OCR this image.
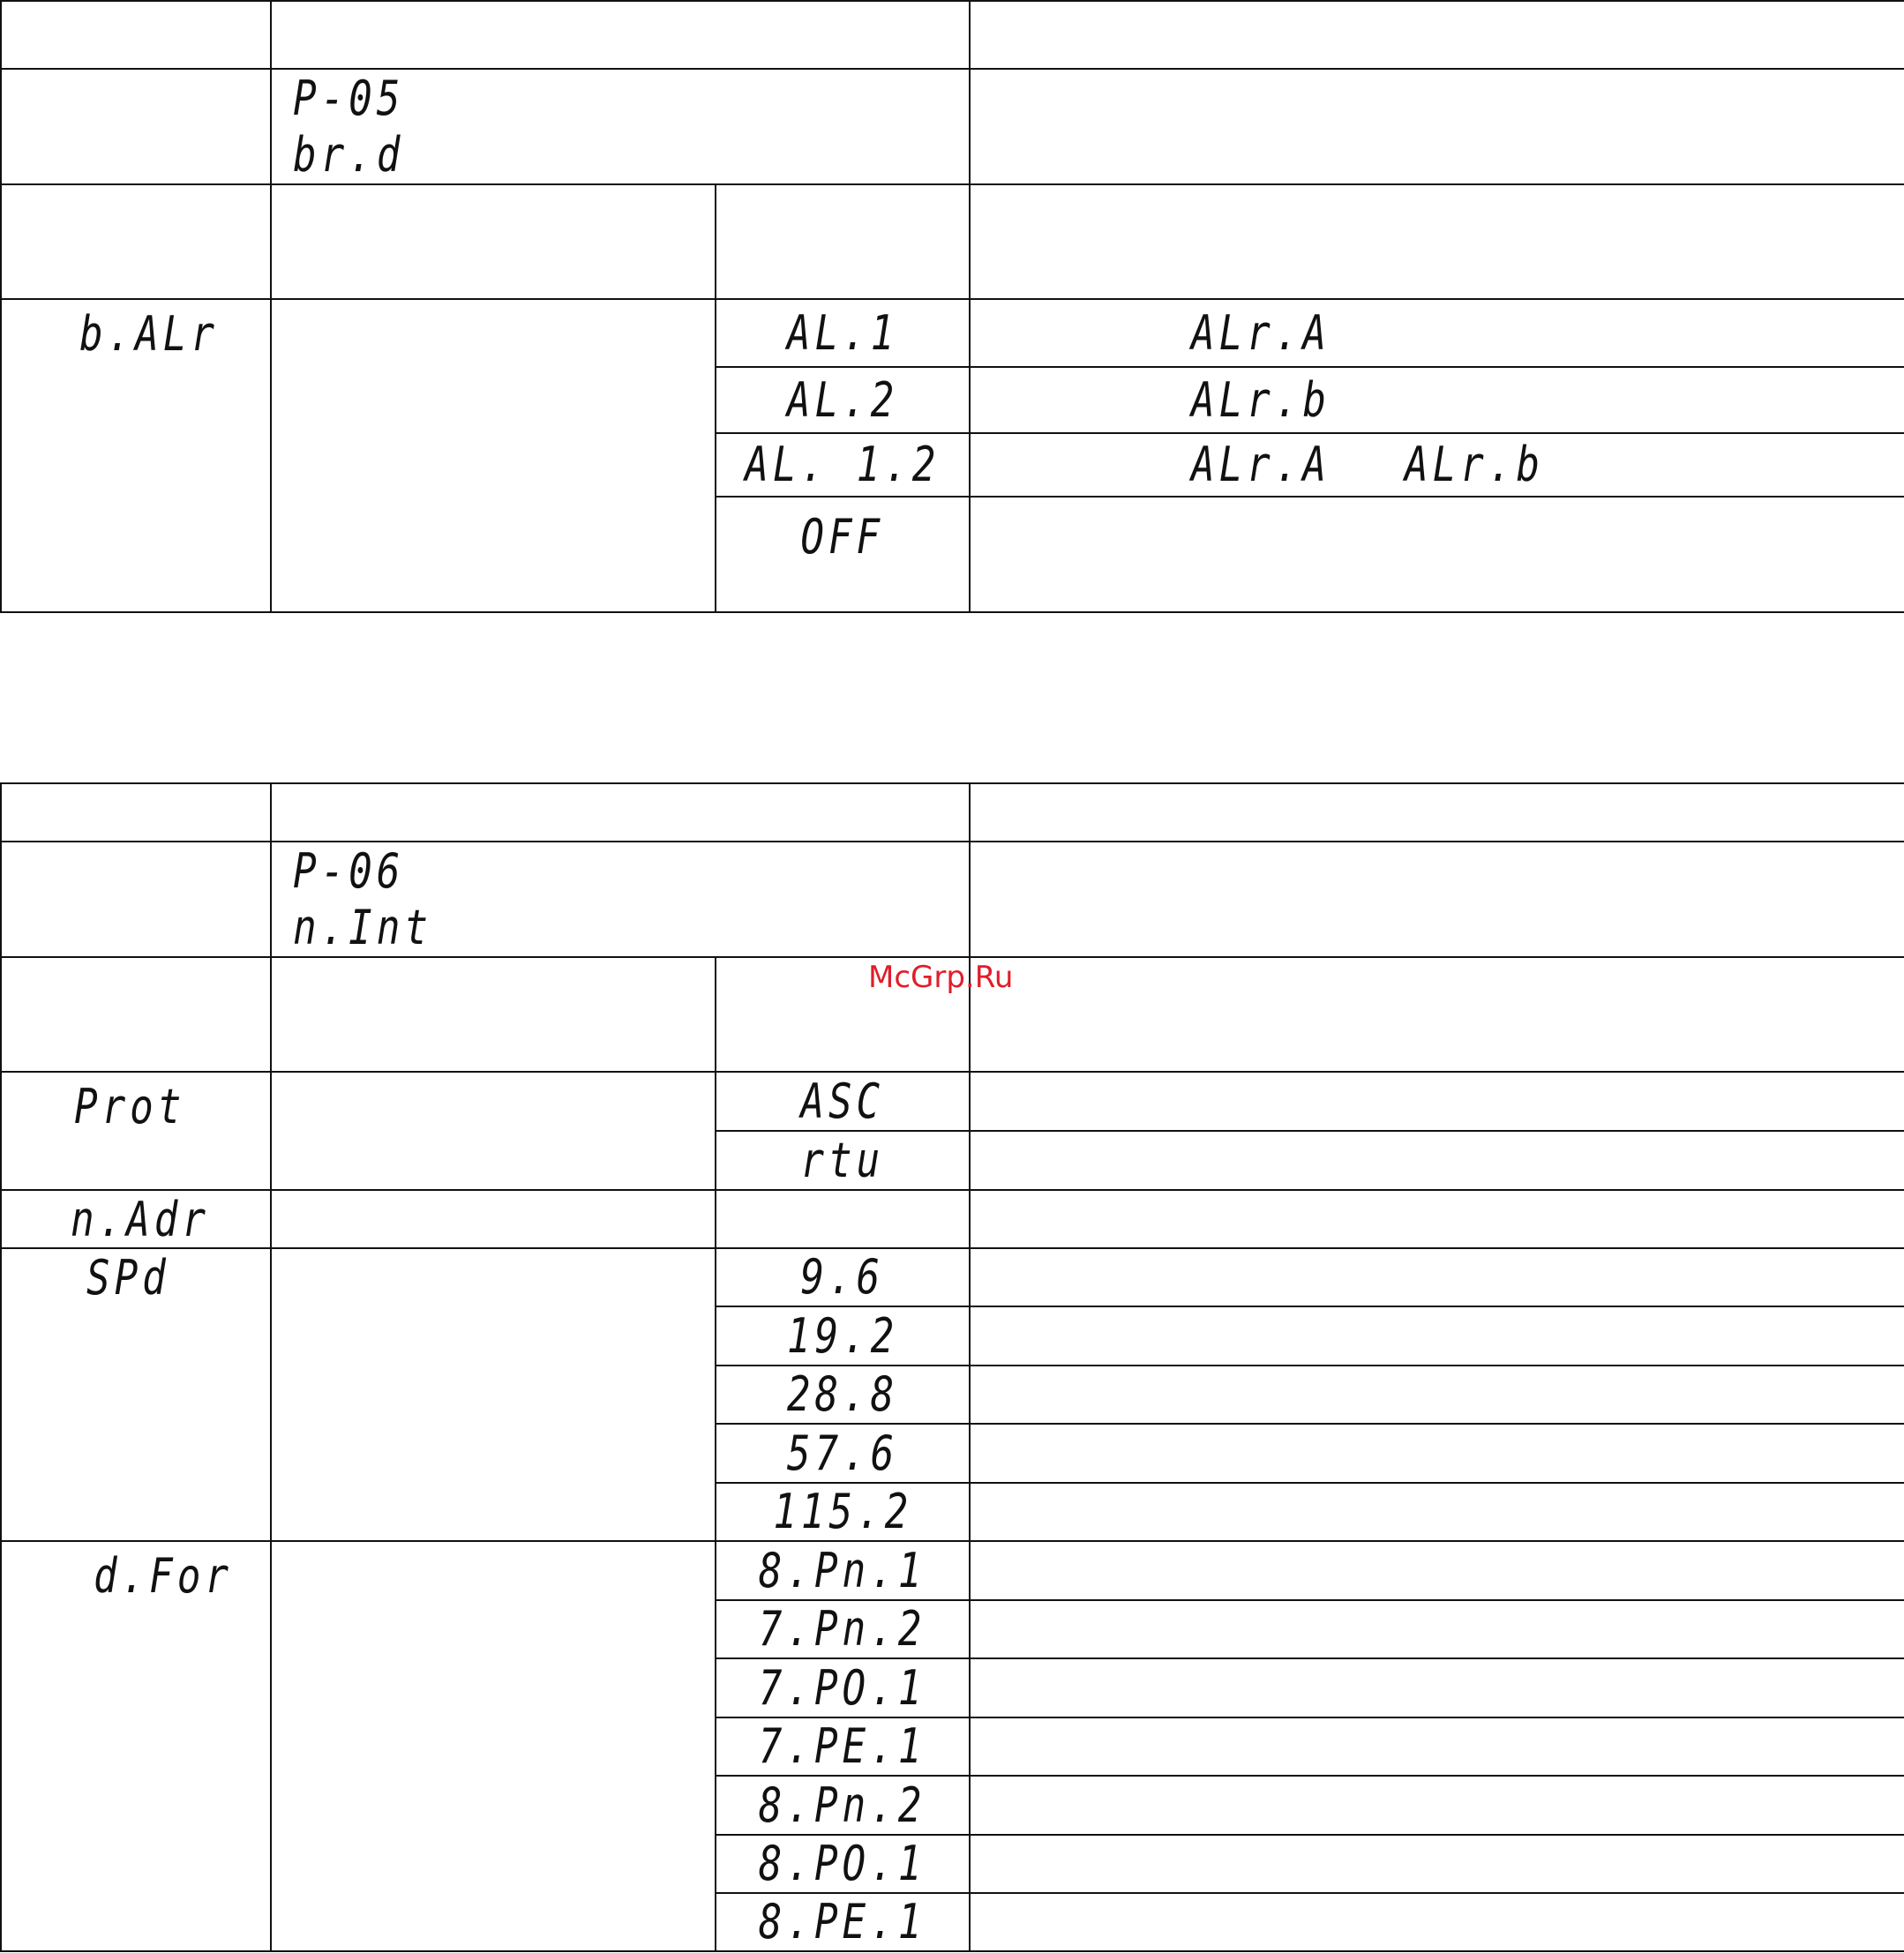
	P-05
br.d		

b.ALr		AL.1	ALr.A

		AL.2	ALr.b

		AL. 1.2	ALr.A ALr.b

		OFF	

	P-06
n.Int		

Prot		ASC	

		rtu	

n.Adr			
SPd		9.6	

		19.2	

		28.8	

		57.6	

		115.2	

d.For		8.Pn.1	

		7.Pn.2	

		7.PO.1	

		7.PE.1	

		8.Pn.2	

		8.PO.1	

		8.PE.1	

McGrp.Ru
